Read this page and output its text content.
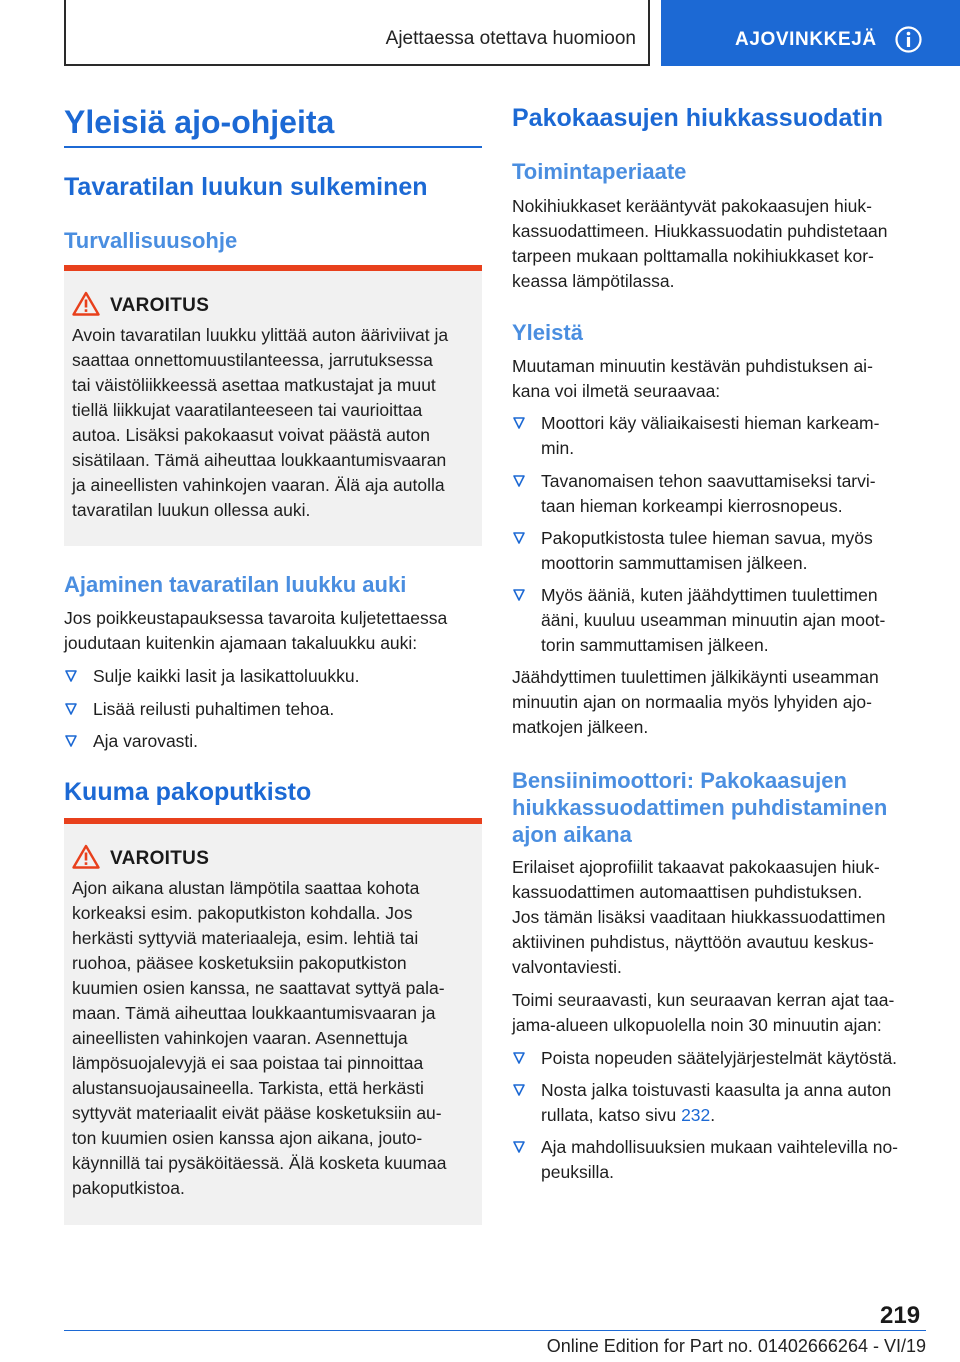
Ajettaessa otettava huomioon	AJOVINKKEJÄ
Yleisiä ajo-ohjeita
Tavaratilan luukun sulkeminen
Turvallisuusohje
VAROITUS
Avoin tavaratilan luukku ylittää auton ääriviivat ja
saattaa onnettomuustilanteessa, jarrutuksessa
tai väistöliikkeessä asettaa matkustajat ja muut
tiellä liikkujat vaaratilanteeseen tai vaurioittaa
autoa. Lisäksi pakokaasut voivat päästä auton
sisätilaan. Tämä aiheuttaa loukkaantumisvaaran
ja aineellisten vahinkojen vaaran. Älä aja autolla
tavaratilan luukun ollessa auki.
Ajaminen tavaratilan luukku auki
Jos poikkeustapauksessa tavaroita kuljetettaessa
joudutaan kuitenkin ajamaan takaluukku auki:
Sulje kaikki lasit ja lasikattoluukku.
Lisää reilusti puhaltimen tehoa.
Aja varovasti.
Kuuma pakoputkisto
VAROITUS
Ajon aikana alustan lämpötila saattaa kohota
korkeaksi esim. pakoputkiston kohdalla. Jos
herkästi syttyviä materiaaleja, esim. lehtiä tai
ruohoa, pääsee kosketuksiin pakoputkiston
kuumien osien kanssa, ne saattavat syttyä pala-
maan. Tämä aiheuttaa loukkaantumisvaaran ja
aineellisten vahinkojen vaaran. Asennettuja
lämpösuojalevyjä ei saa poistaa tai pinnoittaa
alustansuojausaineella. Tarkista, että herkästi
syttyvät materiaalit eivät pääse kosketuksiin au-
ton kuumien osien kanssa ajon aikana, jouto-
käynnillä tai pysäköitäessä. Älä kosketa kuumaa
pakoputkistoa.
Pakokaasujen hiukkassuodatin
Toimintaperiaate
Nokihiukkaset kerääntyvät pakokaasujen hiuk-
kassuodattimeen. Hiukkassuodatin puhdistetaan
tarpeen mukaan polttamalla nokihiukkaset kor-
keassa lämpötilassa.
Yleistä
Muutaman minuutin kestävän puhdistuksen ai-
kana voi ilmetä seuraavaa:
Moottori käy väliaikaisesti hieman karkeam-
min.
Tavanomaisen tehon saavuttamiseksi tarvi-
taan hieman korkeampi kierrosnopeus.
Pakoputkistosta tulee hieman savua, myös
moottorin sammuttamisen jälkeen.
Myös ääniä, kuten jäähdyttimen tuulettimen
ääni, kuuluu useamman minuutin ajan moot-
torin sammuttamisen jälkeen.
Jäähdyttimen tuulettimen jälkikäynti useamman
minuutin ajan on normaalia myös lyhyiden ajo-
matkojen jälkeen.
Bensiinimoottori: Pakokaasujen
hiukkassuodattimen puhdistaminen
ajon aikana
Erilaiset ajoprofiilit takaavat pakokaasujen hiuk-
kassuodattimen automaattisen puhdistuksen.
Jos tämän lisäksi vaaditaan hiukkassuodattimen
aktiivinen puhdistus, näyttöön avautuu keskus-
valvontaviesti.
Toimi seuraavasti, kun seuraavan kerran ajat taa-
jama-alueen ulkopuolella noin 30 minuutin ajan:
Poista nopeuden säätelyjärjestelmät käytöstä.
Nosta jalka toistuvasti kaasulta ja anna auton
rullata, katso sivu 232.
Aja mahdollisuuksien mukaan vaihtelevilla no-
peuksilla.
219
Online Edition for Part no. 01402666264 - VI/19
